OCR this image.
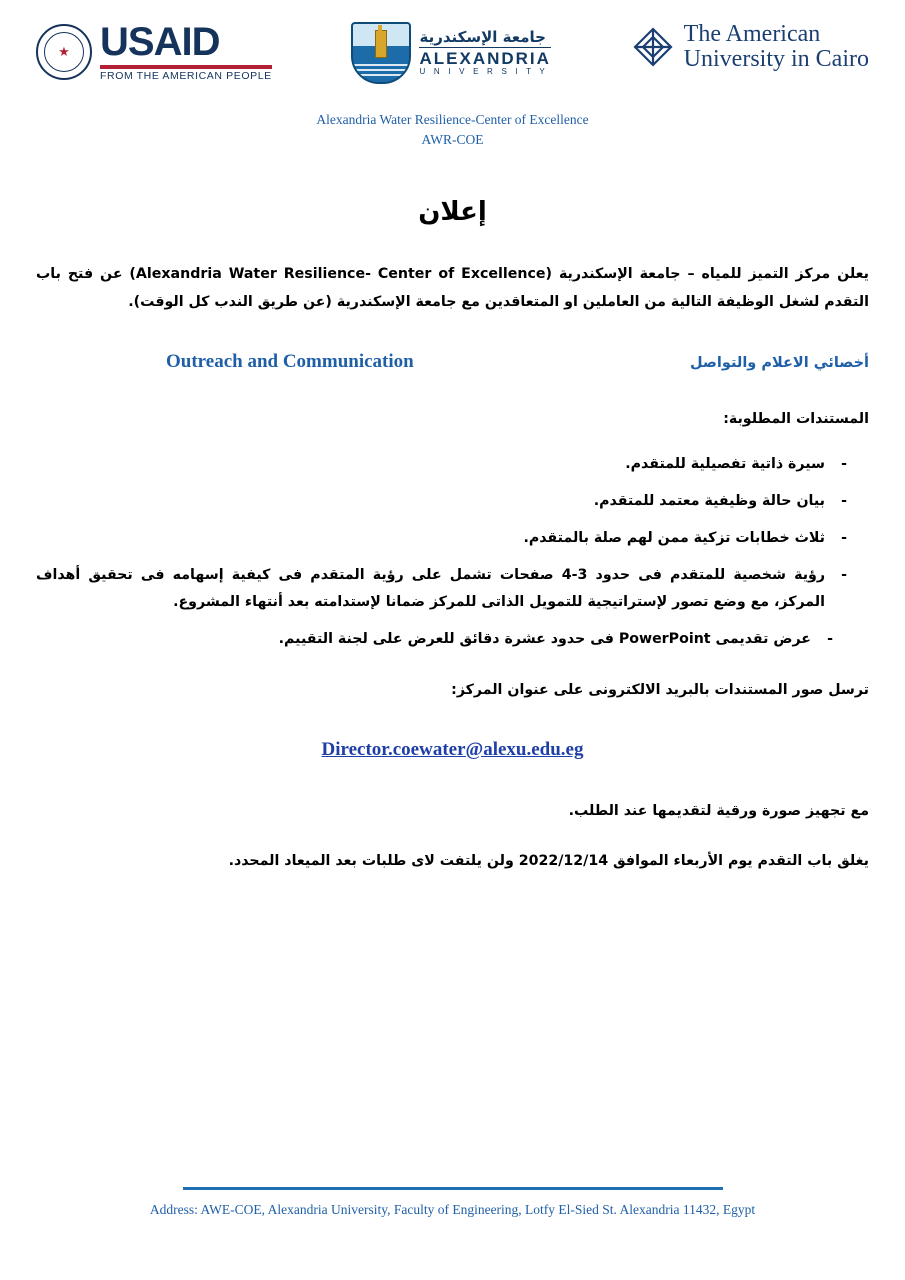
★ USAID
FROM THE AMERICAN PEOPLE
جامعة الإسكندرية
ALEXANDRIA
U N I V E R S I T Y
The American
University in Cairo
Alexandria Water Resilience-Center of Excellence
AWR-COE
إعلان
يعلن مركز التميز للمياه – جامعة الإسكندرية (Alexandria Water Resilience- Center of Excellence) عن فتح باب التقدم لشغل الوظيفة التالية من العاملين او المتعاقدين مع جامعة الإسكندرية (عن طريق الندب كل الوقت).
أخصائي الاعلام والتواصل
Outreach and Communication
المستندات المطلوبة:
- سيرة ذاتية تفصيلية للمتقدم.
- بيان حالة وظيفية معتمد للمتقدم.
- ثلاث خطابات تزكية ممن لهم صلة بالمتقدم.
- رؤية شخصية للمتقدم فى حدود 3-4 صفحات تشمل على رؤية المتقدم فى كيفية إسهامه فى تحقيق أهداف المركز، مع وضع تصور لإستراتيجية للتمويل الذاتى للمركز ضمانا لإستدامته بعد أنتهاء المشروع.
- عرض تقديمى PowerPoint فى حدود عشرة دقائق للعرض على لجنة التقييم.
ترسل صور المستندات بالبريد الالكترونى على عنوان المركز:
Director.coewater@alexu.edu.eg
مع تجهيز صورة ورقية لتقديمها عند الطلب.
يغلق باب التقدم يوم الأربعاء الموافق 2022/12/14 ولن يلتفت لاى طلبات بعد الميعاد المحدد.
Address: AWE-COE, Alexandria University, Faculty of Engineering, Lotfy El-Sied St. Alexandria 11432, Egypt
